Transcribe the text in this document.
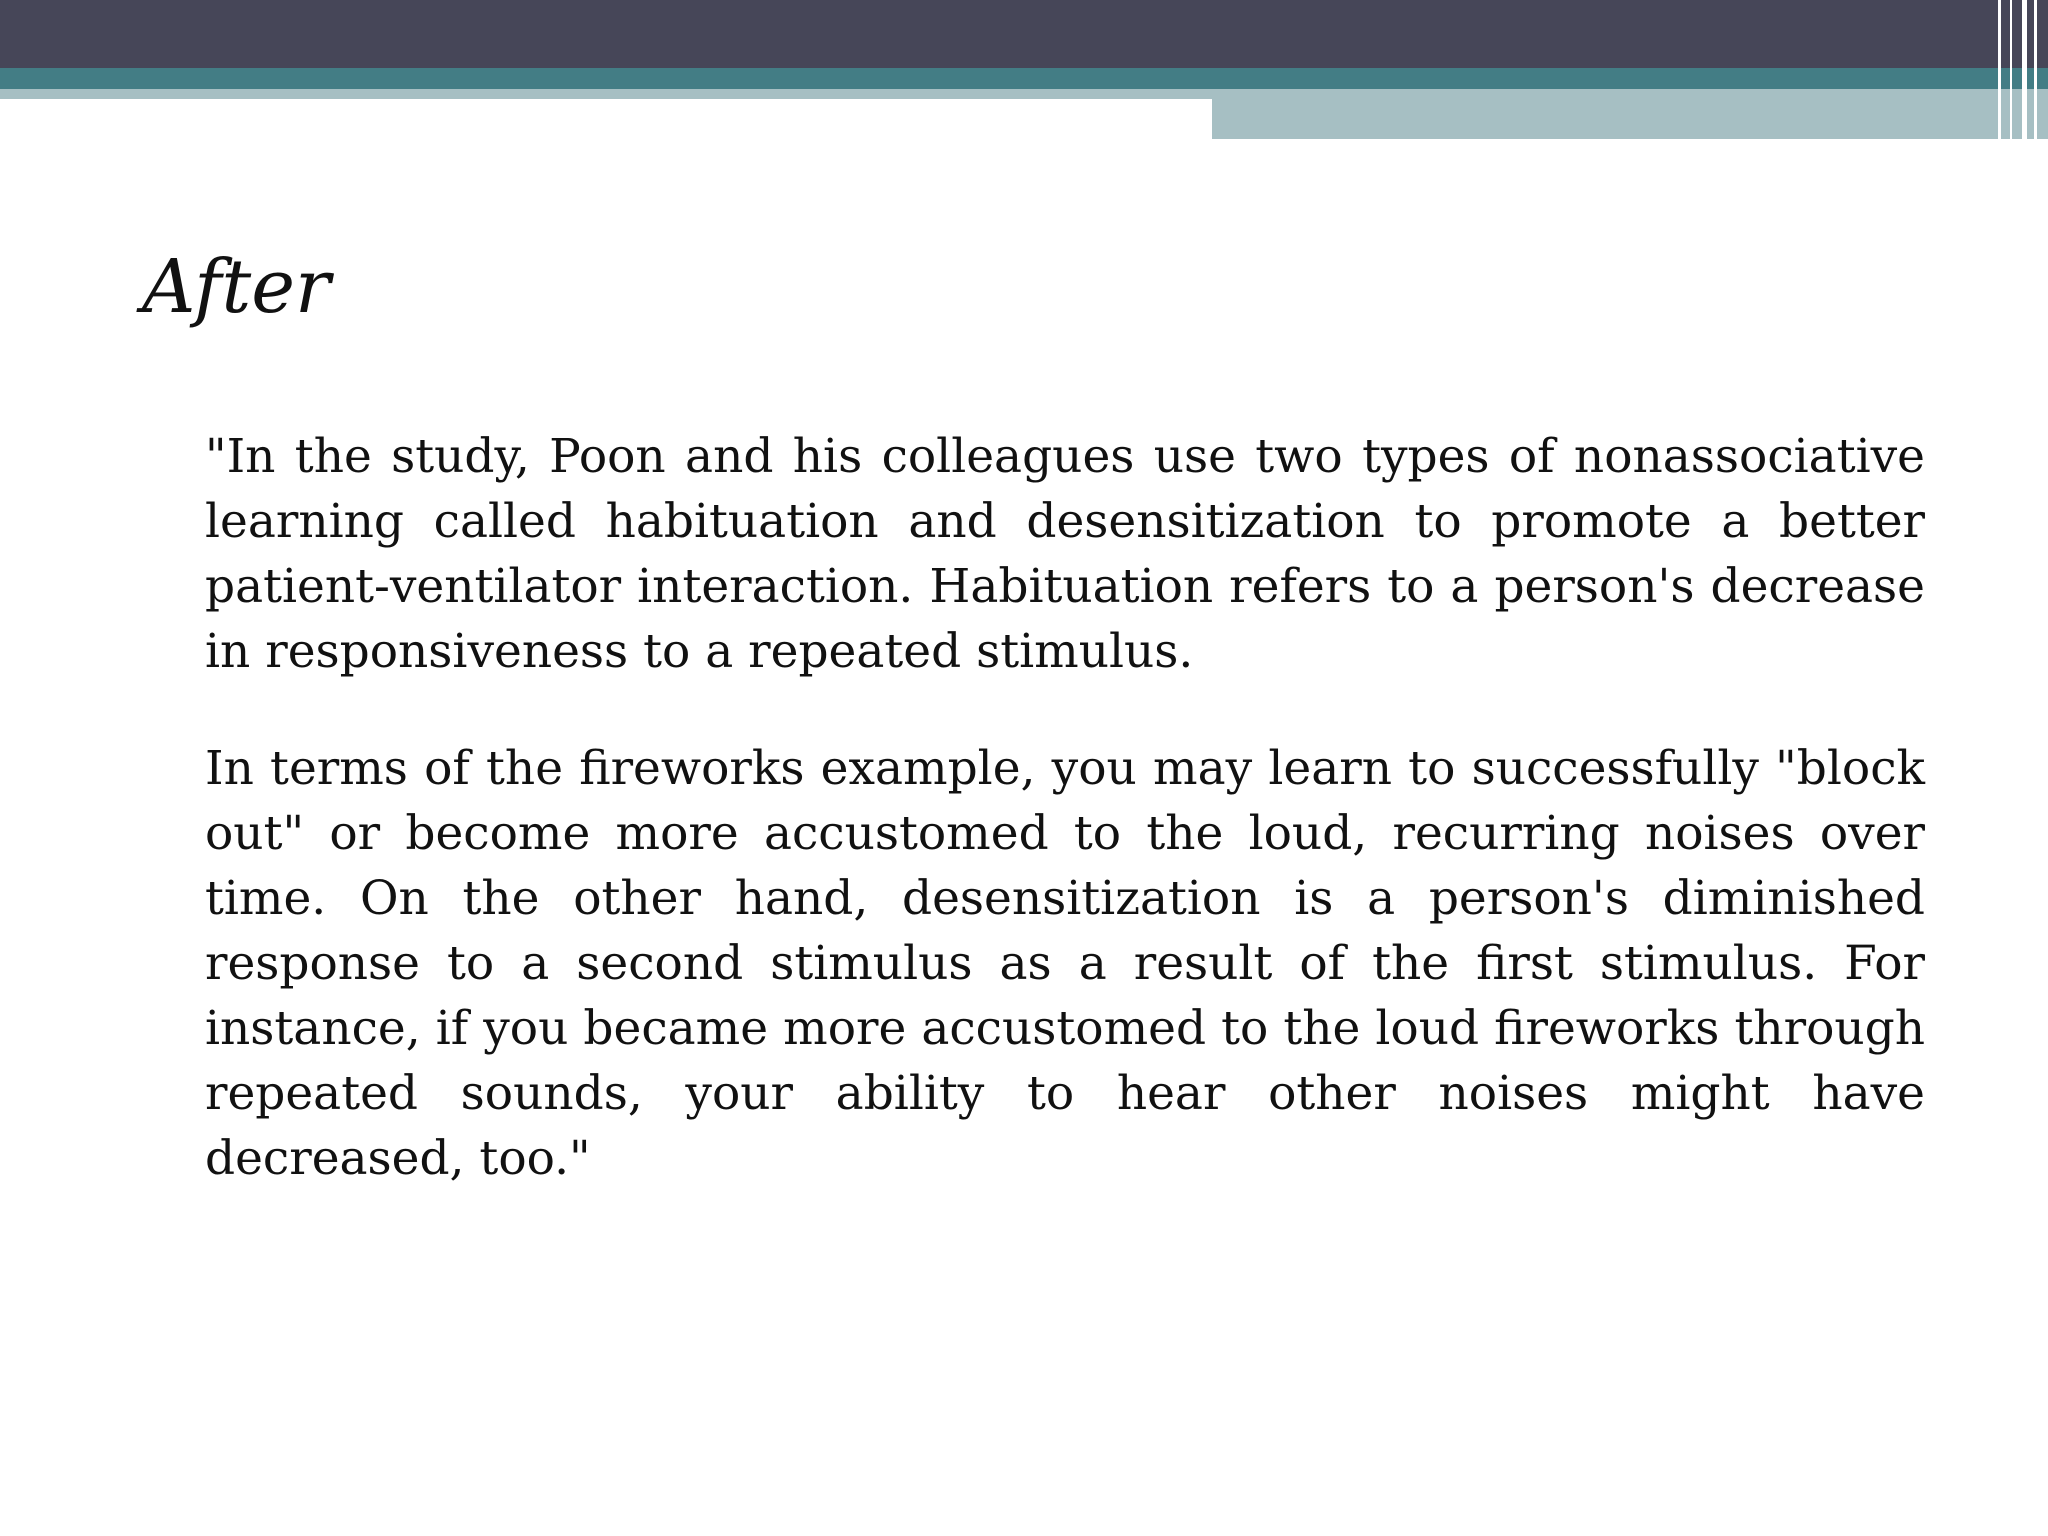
After

"In the study, Poon and his colleagues use two types of nonassociative learning called habituation and desensitization to promote a better patient-ventilator interaction. Habituation refers to a person's decrease in responsiveness to a repeated stimulus.

In terms of the fireworks example, you may learn to successfully "block out" or become more accustomed to the loud, recurring noises over time. On the other hand, desensitization is a person's diminished response to a second stimulus as a result of the first stimulus. For instance, if you became more accustomed to the loud fireworks through repeated sounds, your ability to hear other noises might have decreased, too."
